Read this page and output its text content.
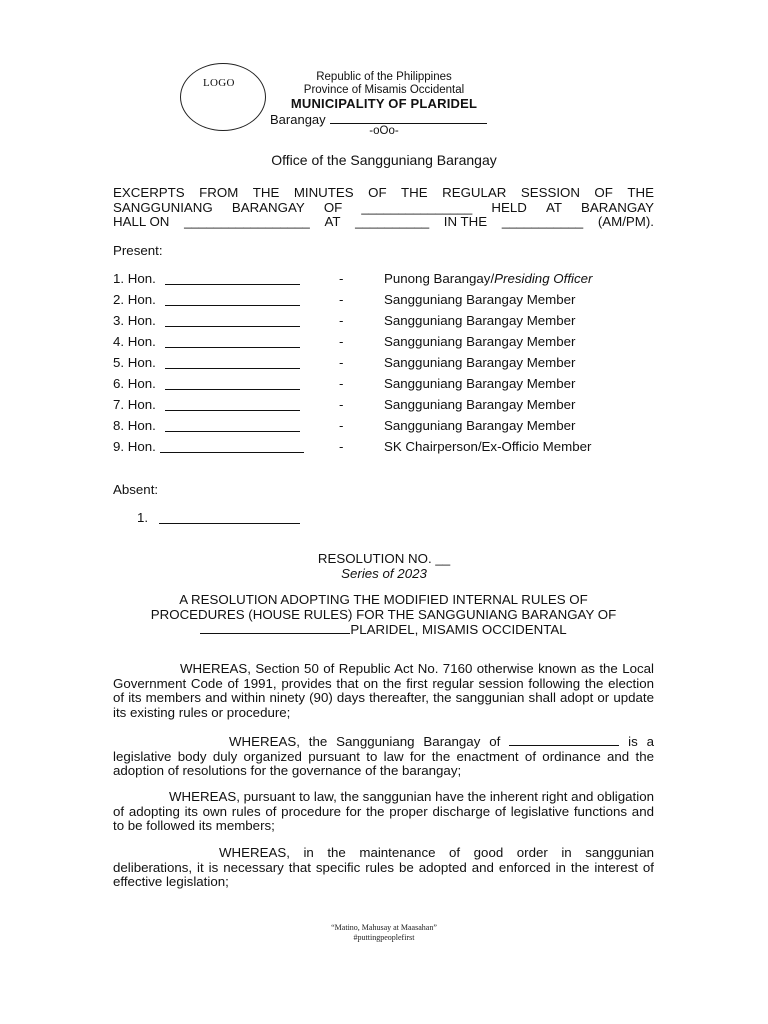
LOGO	Republic of the Philippines
Province of Misamis Occidental
MUNICIPALITY OF PLARIDEL
Barangay
-oOo-
Office of the Sangguniang Barangay
EXCERPTS FROM THE MINUTES OF THE REGULAR SESSION OF THE
SANGGUNIANG BARANGAY OF _______________ HELD AT BARANGAY
HALL ON _________________ AT __________ IN THE ___________ (AM/PM).
Present:
1. Hon.	-	Punong Barangay/Presiding Officer
2. Hon.	-	Sangguniang Barangay Member
3. Hon.	-	Sangguniang Barangay Member
4. Hon.	-	Sangguniang Barangay Member
5. Hon.	-	Sangguniang Barangay Member
6. Hon.	-	Sangguniang Barangay Member
7. Hon.	-	Sangguniang Barangay Member
8. Hon.	-	Sangguniang Barangay Member
9. Hon.	-	SK Chairperson/Ex-Officio Member
Absent:
1.
RESOLUTION NO. __
Series of 2023
A RESOLUTION ADOPTING THE MODIFIED INTERNAL RULES OF
PROCEDURES (HOUSE RULES) FOR THE SANGGUNIANG BARANGAY OF
PLARIDEL, MISAMIS OCCIDENTAL
WHEREAS, Section 50 of Republic Act No. 7160 otherwise known as the Local Government Code of 1991, provides that on the first regular session following the election of its members and within ninety (90) days thereafter, the sanggunian shall adopt or update its existing rules or procedure;
WHEREAS, the Sangguniang Barangay of	is a legislative body duly organized pursuant to law for the enactment of ordinance and the adoption of resolutions for the governance of the barangay;
WHEREAS, pursuant to law, the sanggunian have the inherent right and obligation of adopting its own rules of procedure for the proper discharge of legislative functions and to be followed its members;
WHEREAS, in the maintenance of good order in sanggunian deliberations, it is necessary that specific rules be adopted and enforced in the interest of effective legislation;
“Matino, Mahusay at Maasahan”
#puttingpeoplefirst
